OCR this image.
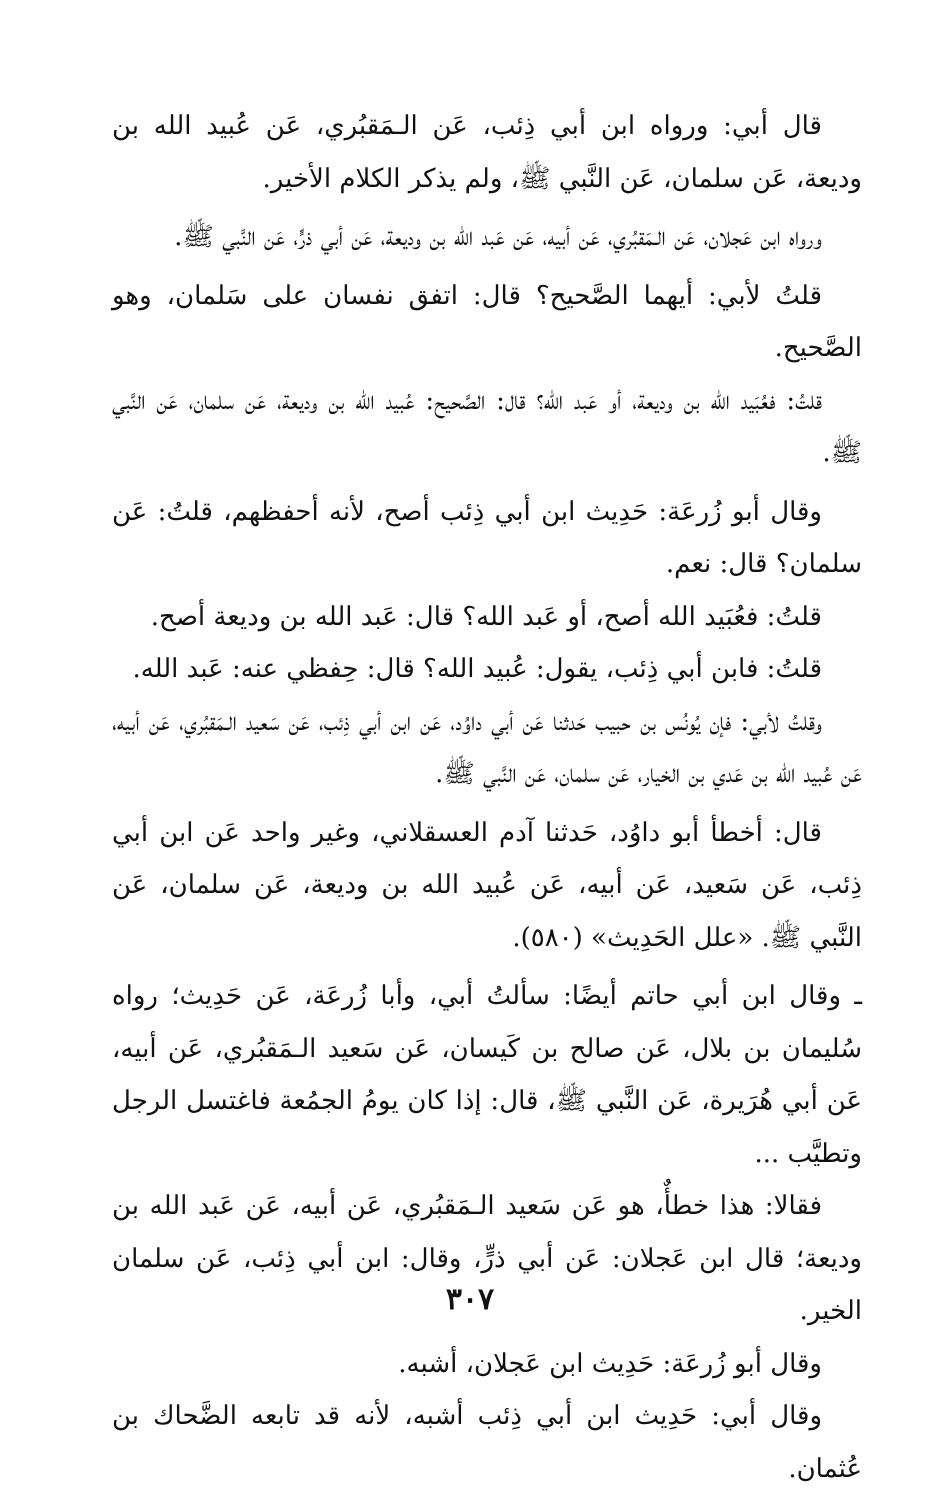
قال أبي: ورواه ابن أبي ذِئب، عَن الـمَقبُري، عَن عُبيد الله بن وديعة، عَن سلمان، عَن النَّبي ﷺ، ولم يذكر الكلام الأخير.

ورواه ابن عَجلان، عَن الـمَقبُري، عَن أبيه، عَن عَبد الله بن وديعة، عَن أبي ذرٍّ، عَن النَّبي ﷺ.

قلتُ لأبي: أيهما الصَّحيح؟ قال: اتفق نفسان على سَلمان، وهو الصَّحيح.

قلتُ: فعُبَيد الله بن وديعة، أو عَبد الله؟ قال: الصَّحيح: عُبيد الله بن وديعة، عَن سلمان، عَن النَّبي ﷺ.

وقال أبو زُرعَة: حَدِيث ابن أبي ذِئب أصح، لأنه أحفظهم، قلتُ: عَن سلمان؟ قال: نعم.

قلتُ: فعُبَيد الله أصح، أو عَبد الله؟ قال: عَبد الله بن وديعة أصح.

قلتُ: فابن أبي ذِئب، يقول: عُبيد الله؟ قال: حِفظي عنه: عَبد الله.

وقلتُ لأبي: فإن يُونُس بن حبيب حَدثنا عَن أبي داوُد، عَن ابن أبي ذِئب، عَن سَعيد الـمَقبُري، عَن أبيه، عَن عُبيد الله بن عَدي بن الخيار، عَن سلمان، عَن النَّبي ﷺ.

قال: أخطأ أبو داوُد، حَدثنا آدم العسقلاني، وغير واحد عَن ابن أبي ذِئب، عَن سَعيد، عَن أبيه، عَن عُبيد الله بن وديعة، عَن سلمان، عَن النَّبي ﷺ. «علل الحَدِيث» (٥٨٠).

ـ وقال ابن أبي حاتم أيضًا: سألتُ أبي، وأبا زُرعَة، عَن حَدِيث؛ رواه سُليمان بن بلال، عَن صالح بن كَيسان، عَن سَعيد الـمَقبُري، عَن أبيه، عَن أبي هُرَيرة، عَن النَّبي ﷺ، قال: إذا كان يومُ الجمُعة فاغتسل الرجل وتطيَّب ...

فقالا: هذا خطأٌ، هو عَن سَعيد الـمَقبُري، عَن أبيه، عَن عَبد الله بن وديعة؛ قال ابن عَجلان: عَن أبي ذرٍّ، وقال: ابن أبي ذِئب، عَن سلمان الخير.

وقال أبو زُرعَة: حَدِيث ابن عَجلان، أشبه.

وقال أبي: حَدِيث ابن أبي ذِئب أشبه، لأنه قد تابعه الضَّحاك بن عُثمان.

٣٠٧
